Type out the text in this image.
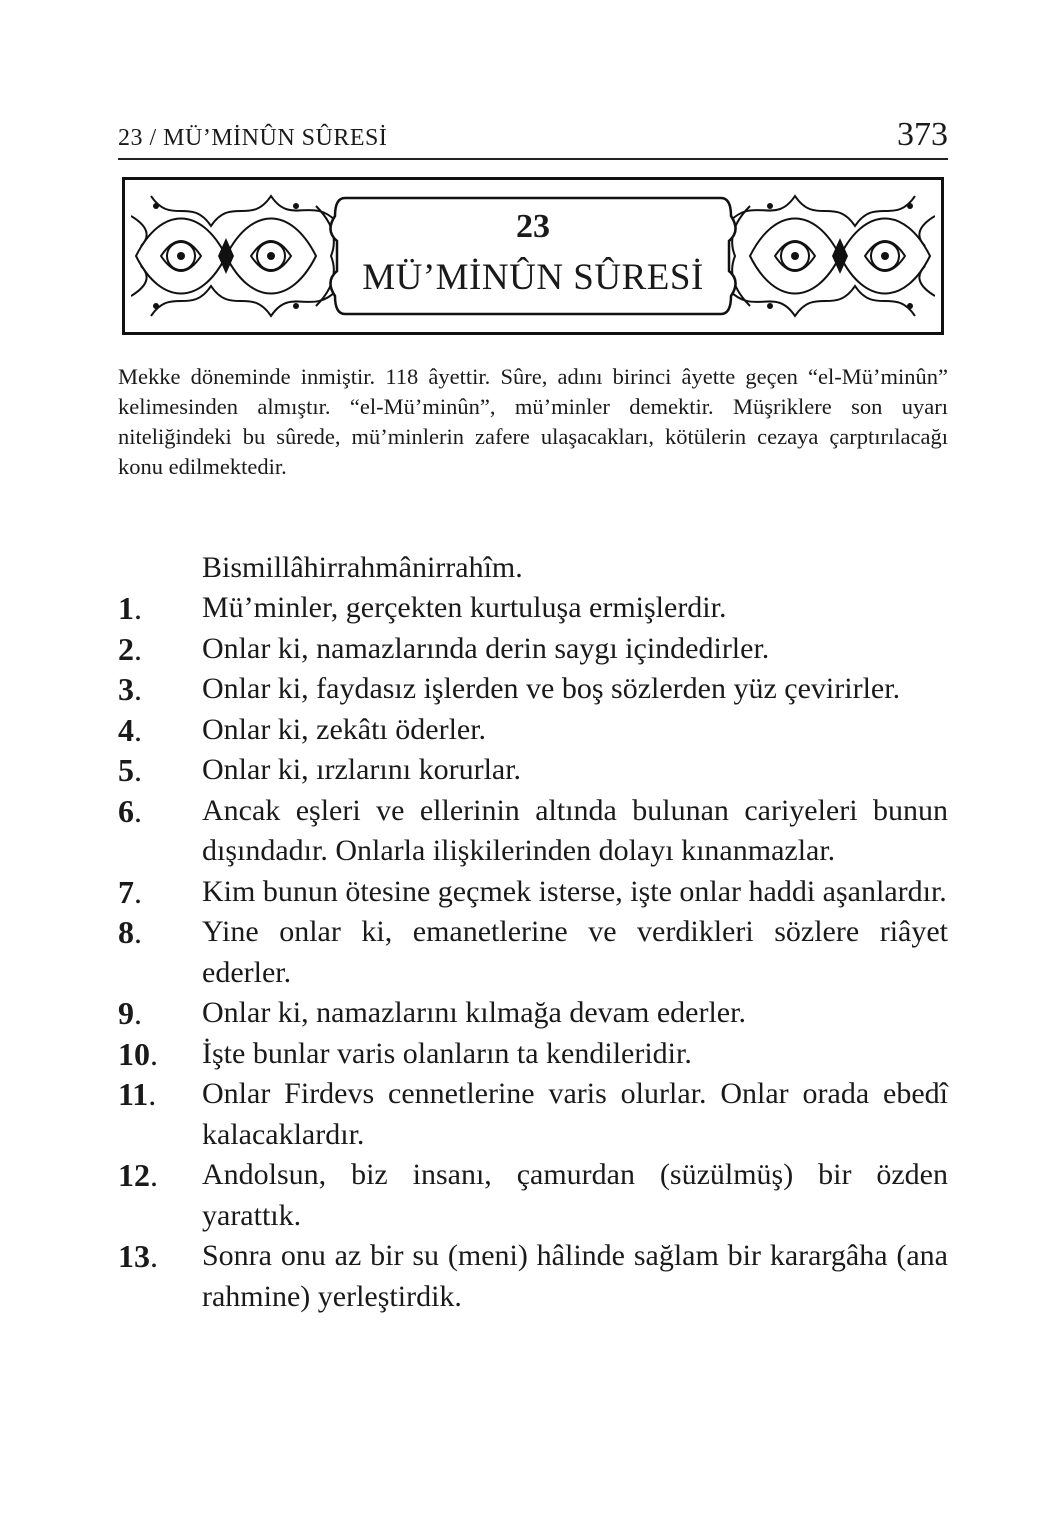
23 / MÜ’MİNÛN SÛRESİ	373
23
MÜ’MİNÛN SÛRESİ

Mekke döneminde inmiştir. 118 âyettir. Sûre, adını birinci âyette geçen “el-Mü’minûn” kelimesinden almıştır. “el-Mü’minûn”, mü’minler demektir. Müşriklere son uyarı niteliğindeki bu sûrede, mü’minlerin zafere ulaşacakları, kötülerin cezaya çarptırılacağı konu edilmektedir.

Bismillâhirrahmânirrahîm.
1.	Mü’minler, gerçekten kurtuluşa ermişlerdir.
2.	Onlar ki, namazlarında derin saygı içindedirler.
3.	Onlar ki, faydasız işlerden ve boş sözlerden yüz çevirirler.
4.	Onlar ki, zekâtı öderler.
5.	Onlar ki, ırzlarını korurlar.
6.	Ancak eşleri ve ellerinin altında bulunan cariyeleri bunun dışındadır. Onlarla ilişkilerinden dolayı kınanmazlar.
7.	Kim bunun ötesine geçmek isterse, işte onlar haddi aşanlardır.
8.	Yine onlar ki, emanetlerine ve verdikleri sözlere riâyet ederler.
9.	Onlar ki, namazlarını kılmağa devam ederler.
10.	İşte bunlar varis olanların ta kendileridir.
11.	Onlar Firdevs cennetlerine varis olurlar. Onlar orada ebedî kalacaklardır.
12.	Andolsun, biz insanı, çamurdan (süzülmüş) bir özden yarattık.
13.	Sonra onu az bir su (meni) hâlinde sağlam bir karargâha (ana rahmine) yerleştirdik.
